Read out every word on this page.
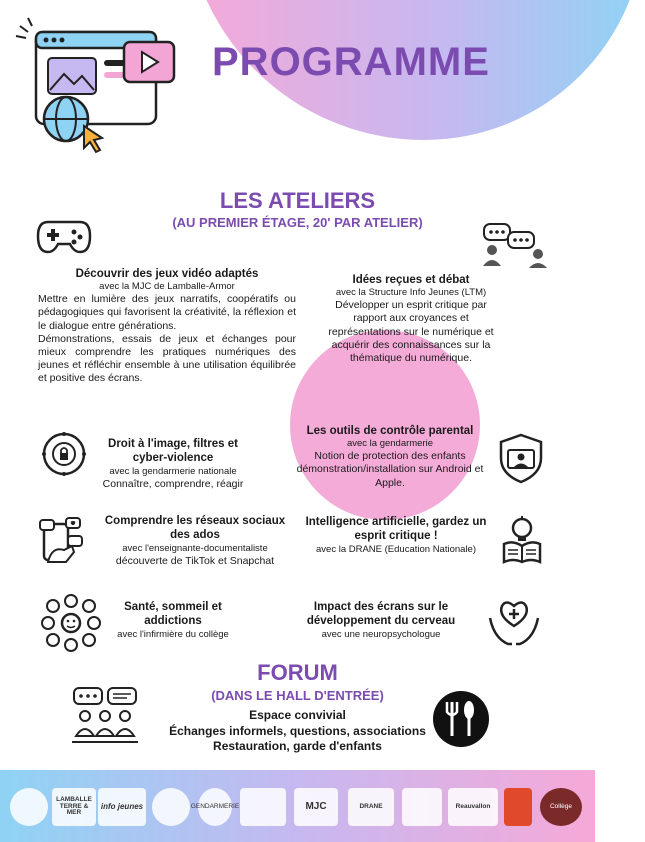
PROGRAMME
LES ATELIERS
(AU PREMIER ÉTAGE, 20' PAR ATELIER)
Découvrir des jeux vidéo adaptés
avec la MJC de Lamballe-Armor
Mettre en lumière des jeux narratifs, coopératifs ou pédagogiques qui favorisent la créativité, la réflexion et le dialogue entre générations.
Démonstrations, essais de jeux et échanges pour mieux comprendre les pratiques numériques des jeunes et réfléchir ensemble à une utilisation équilibrée et positive des écrans.
Idées reçues et débat
avec la Structure Info Jeunes (LTM)
Développer un esprit critique par rapport aux croyances et représentations sur le numérique et acquérir des connaissances sur la thématique du numérique.
Droit à l'image, filtres et cyber-violence
avec la gendarmerie nationale
Connaître, comprendre, réagir
Les outils de contrôle parental
avec la gendarmerie
Notion de protection des enfants démonstration/installation sur Android et Apple.
Comprendre les réseaux sociaux des ados
avec l'enseignante-documentaliste
découverte de TikTok et Snapchat
Intelligence artificielle, gardez un esprit critique !
avec la DRANE (Education Nationale)
Santé, sommeil et addictions
avec l'infirmière du collège
Impact des écrans sur le développement du cerveau
avec une neuropsychologue
FORUM
(DANS LE HALL D'ENTRÉE)
Espace convivial
Échanges informels, questions, associations
Restauration, garde d'enfants
LAMBALLE TERRE & MER
info jeunes	GENDARMERIE	MJC	DRANE	Reauvallon	Collège
